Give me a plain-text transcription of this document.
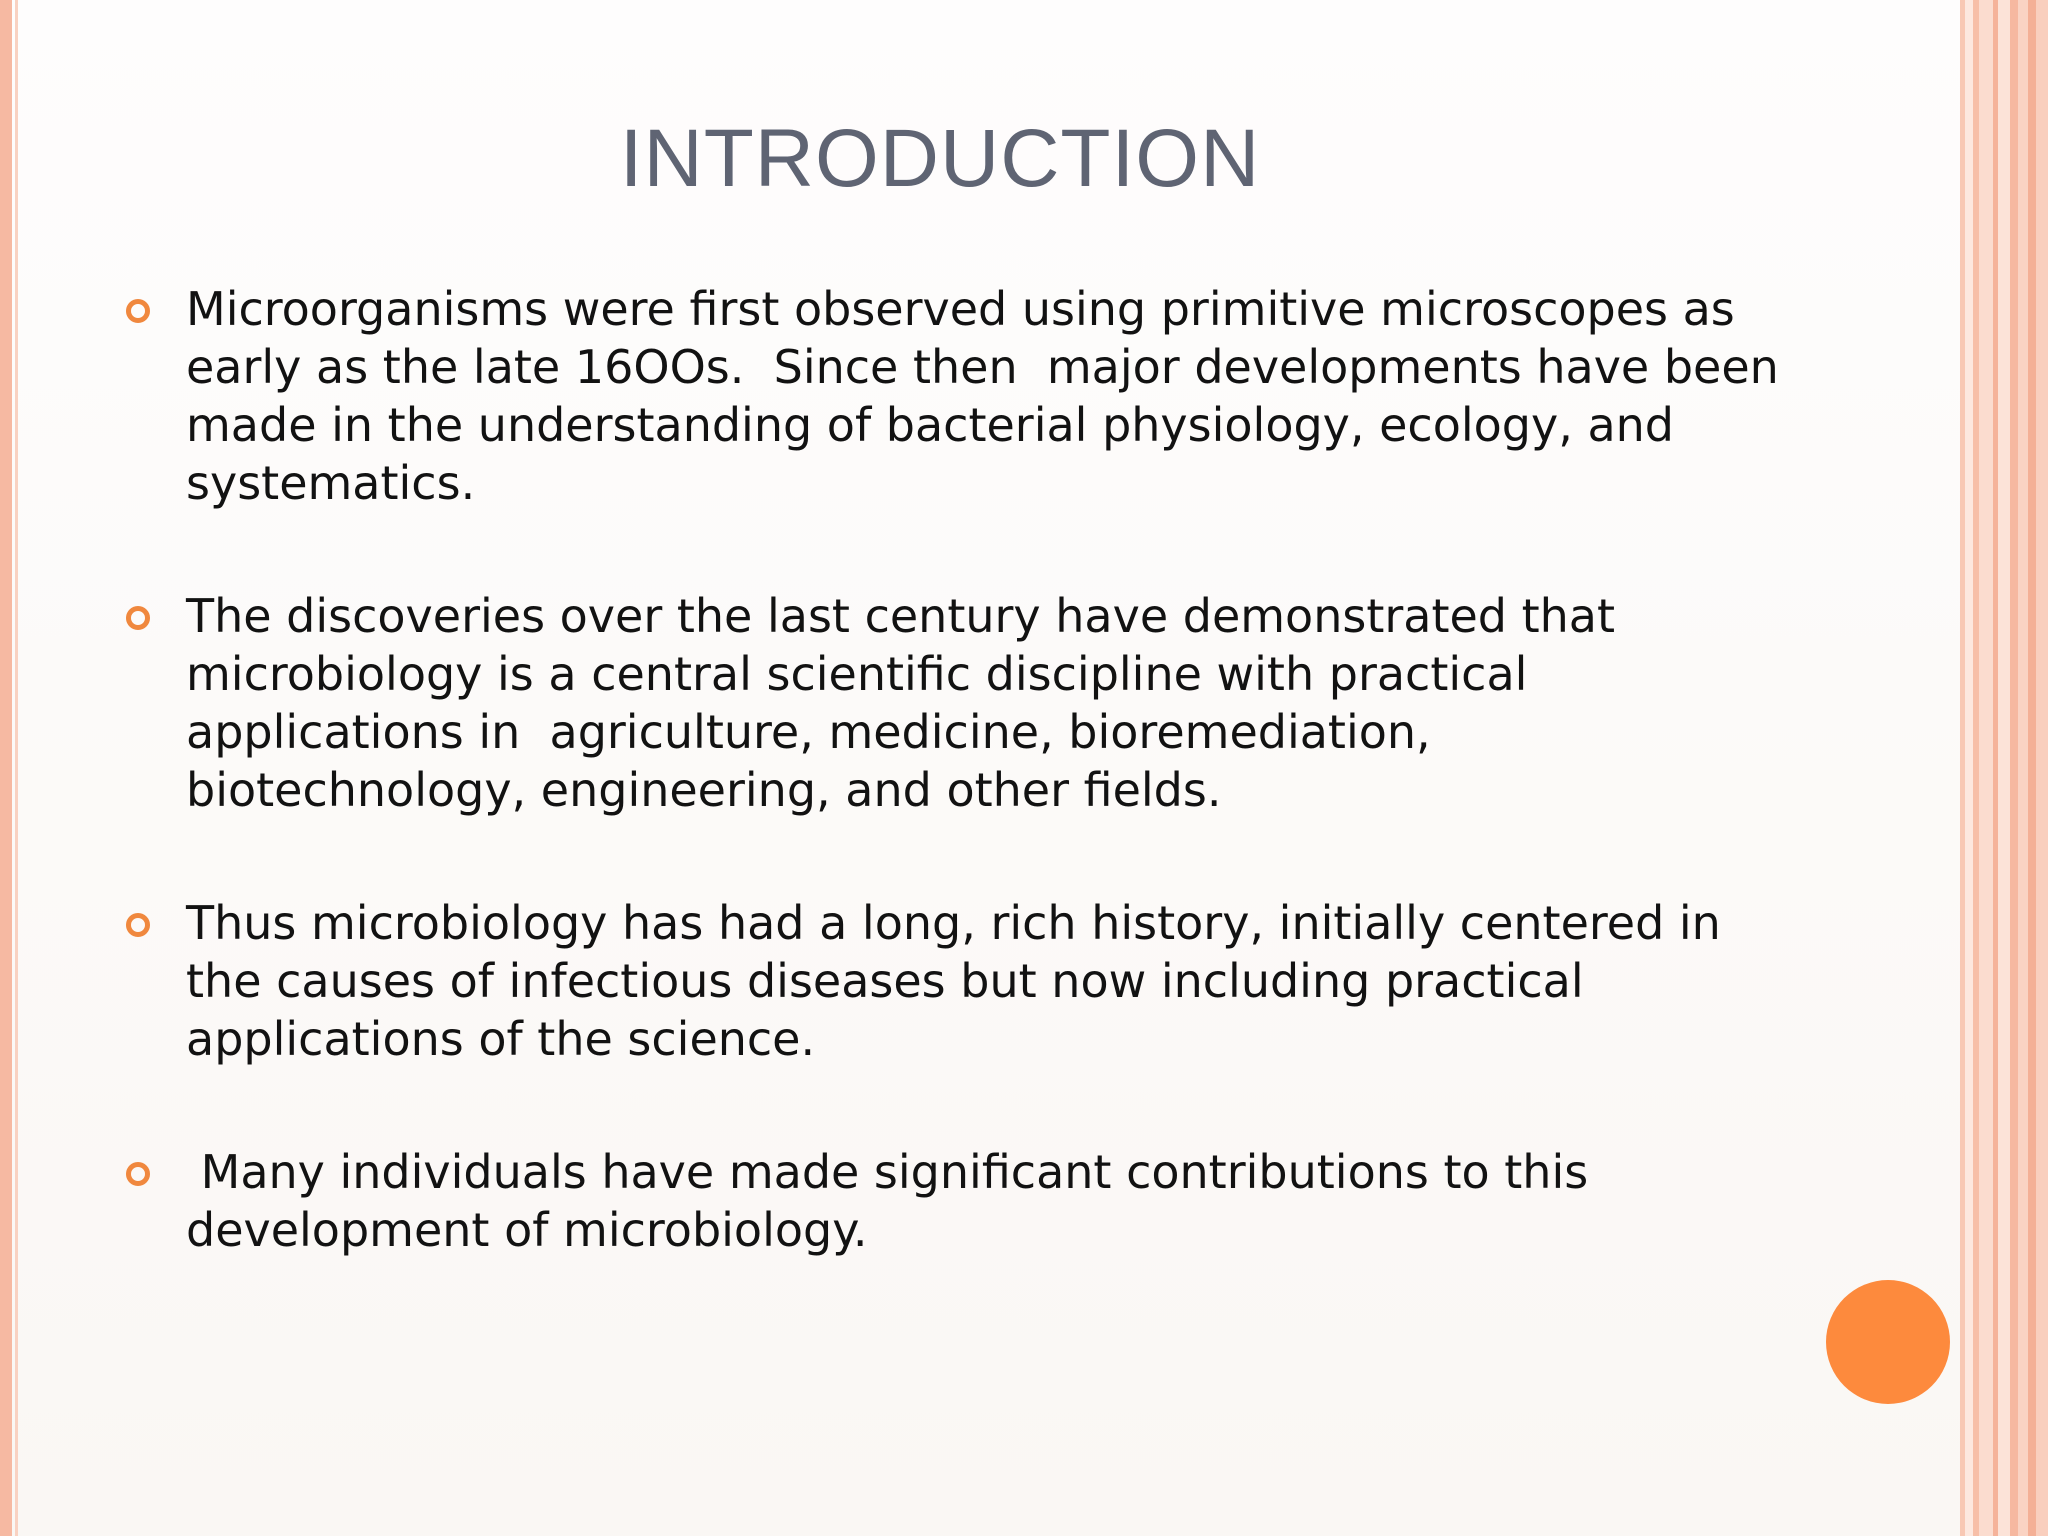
INTRODUCTION
Microorganisms were first observed using primitive microscopes as early as the late 16OOs.  Since then  major developments have been made in the understanding of bacterial physiology, ecology, and systematics.
The discoveries over the last century have demonstrated that microbiology is a central scientific discipline with practical applications in  agriculture, medicine, bioremediation, biotechnology, engineering, and other fields.
Thus microbiology has had a long, rich history, initially centered in the causes of infectious diseases but now including practical applications of the science.
Many individuals have made significant contributions to this development of microbiology.
